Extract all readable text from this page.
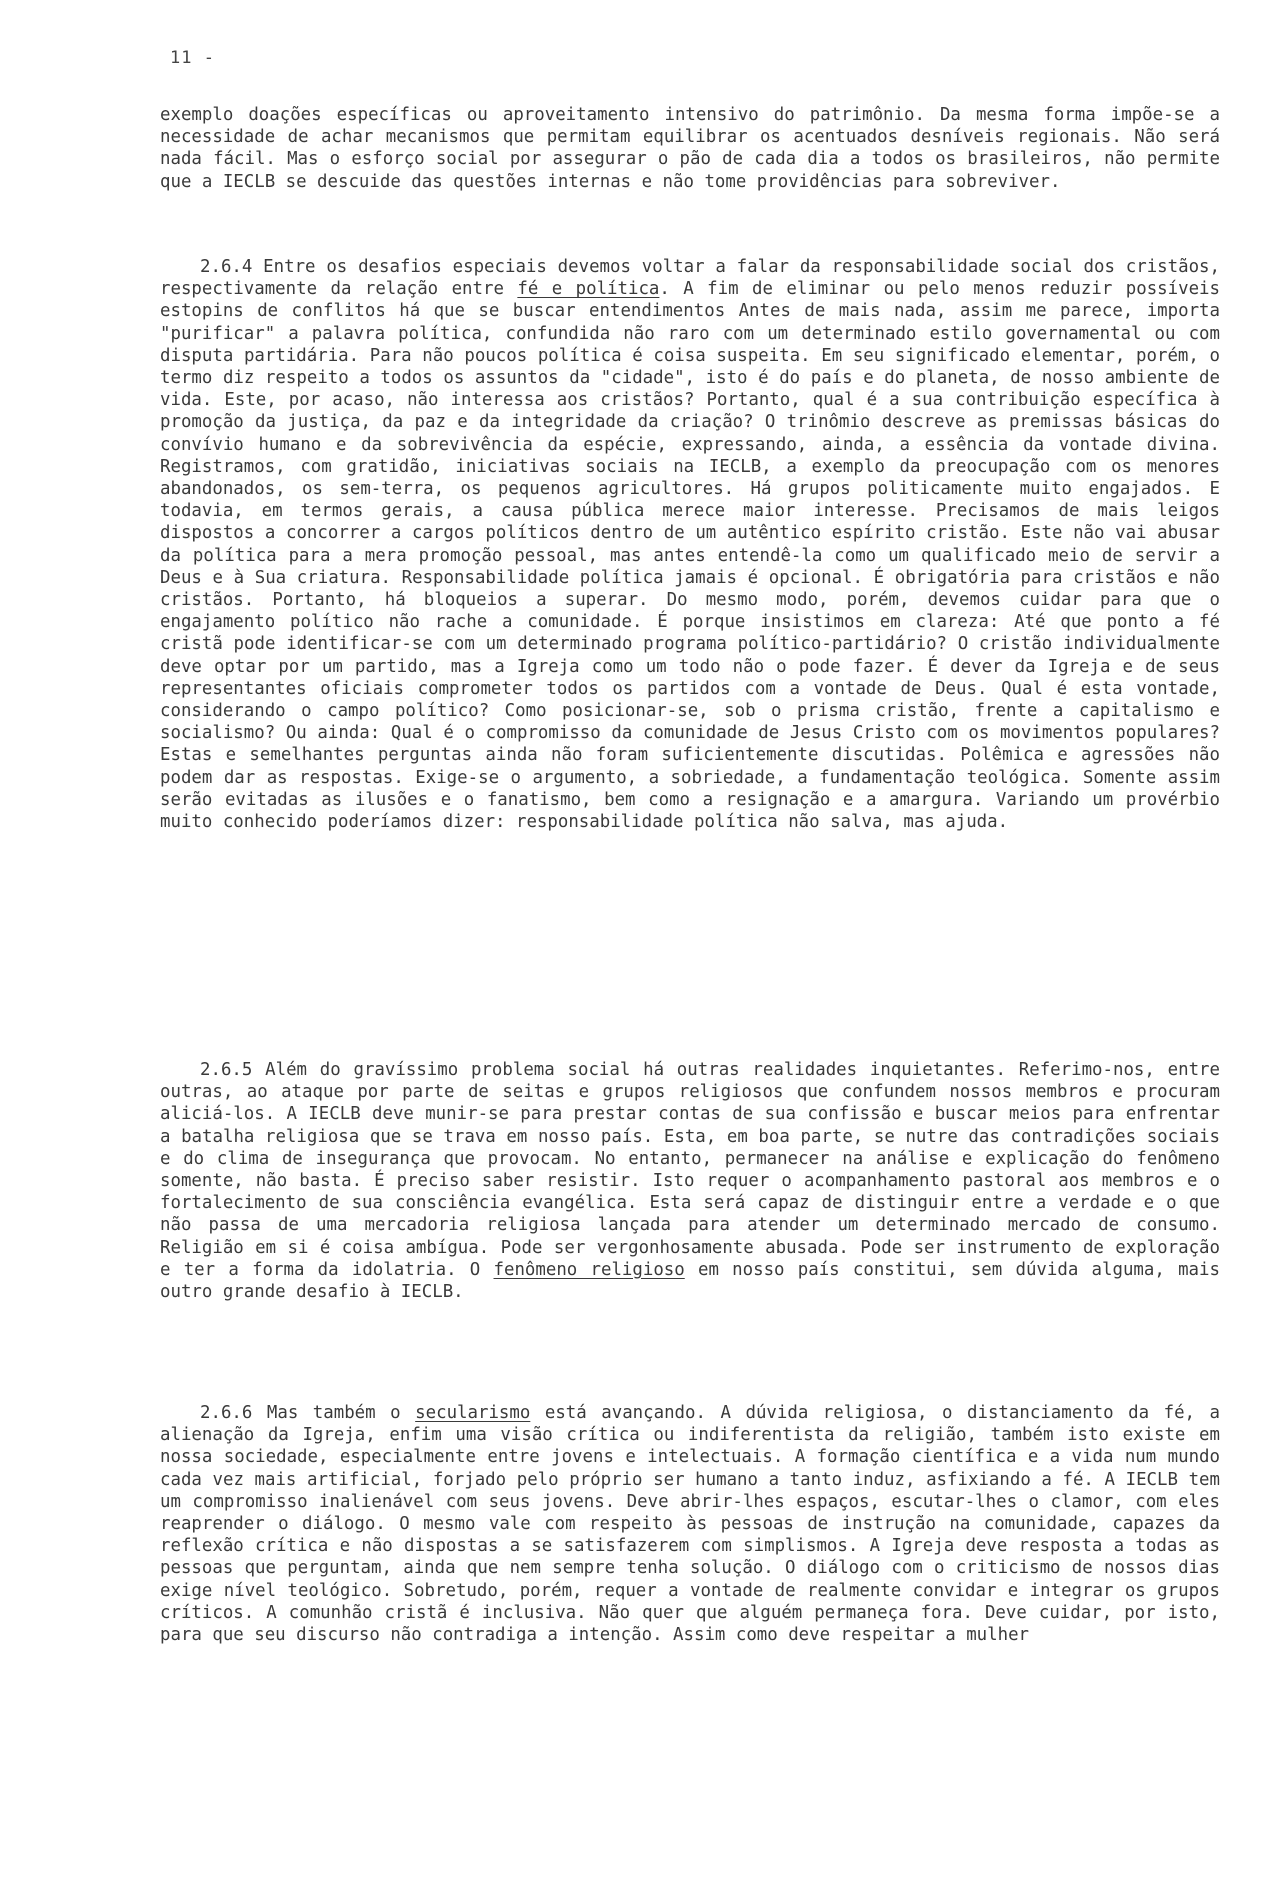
11 -

exemplo doações específicas ou aproveitamento intensivo do patrimônio. Da mesma forma impõe-se a necessidade de achar mecanismos que permitam equilibrar os acentuados desníveis regionais. Não será nada fácil. Mas o esforço social por assegurar o pão de cada dia a todos os brasileiros, não permite que a IECLB se descuide das questões internas e não tome providências para sobreviver.

2.6.4 Entre os desafios especiais devemos voltar a falar da responsabilidade social dos cristãos, respectivamente da relação entre fé e política. A fim de eliminar ou pelo menos reduzir possíveis estopins de conflitos há que se buscar entendimentos Antes de mais nada, assim me parece, importa "purificar" a palavra política, confundida não raro com um determinado estilo governamental ou com disputa partidária. Para não poucos política é coisa suspeita. Em seu significado elementar, porém, o termo diz respeito a todos os assuntos da "cidade", isto é do país e do planeta, de nosso ambiente de vida. Este, por acaso, não interessa aos cristãos? Portanto, qual é a sua contribuição específica à promoção da justiça, da paz e da integridade da criação? O trinômio descreve as premissas básicas do convívio humano e da sobrevivência da espécie, expressando, ainda, a essência da vontade divina. Registramos, com gratidão, iniciativas sociais na IECLB, a exemplo da preocupação com os menores abandonados, os sem-terra, os pequenos agricultores. Há grupos politicamente muito engajados. E todavia, em termos gerais, a causa pública merece maior interesse. Precisamos de mais leigos dispostos a concorrer a cargos políticos dentro de um autêntico espírito cristão. Este não vai abusar da política para a mera promoção pessoal, mas antes entendê-la como um qualificado meio de servir a Deus e à Sua criatura. Responsabilidade política jamais é opcional. É obrigatória para cristãos e não cristãos. Portanto, há bloqueios a superar. Do mesmo modo, porém, devemos cuidar para que o engajamento político não rache a comunidade. É porque insistimos em clareza: Até que ponto a fé cristã pode identificar-se com um determinado programa político-partidário? O cristão individualmente deve optar por um partido, mas a Igreja como um todo não o pode fazer. É dever da Igreja e de seus representantes oficiais comprometer todos os partidos com a vontade de Deus. Qual é esta vontade, considerando o campo político? Como posicionar-se, sob o prisma cristão, frente a capitalismo e socialismo? Ou ainda: Qual é o compromisso da comunidade de Jesus Cristo com os movimentos populares? Estas e semelhantes perguntas ainda não foram suficientemente discutidas. Polêmica e agressões não podem dar as respostas. Exige-se o argumento, a sobriedade, a fundamentação teológica. Somente assim serão evitadas as ilusões e o fanatismo, bem como a resignação e a amargura. Variando um provérbio muito conhecido poderíamos dizer: responsabilidade política não salva, mas ajuda.

2.6.5 Além do gravíssimo problema social há outras realidades inquietantes. Referimo-nos, entre outras, ao ataque por parte de seitas e grupos religiosos que confundem nossos membros e procuram aliciá-los. A IECLB deve munir-se para prestar contas de sua confissão e buscar meios para enfrentar a batalha religiosa que se trava em nosso país. Esta, em boa parte, se nutre das contradições sociais e do clima de insegurança que provocam. No entanto, permanecer na análise e explicação do fenômeno somente, não basta. É preciso saber resistir. Isto requer o acompanhamento pastoral aos membros e o fortalecimento de sua consciência evangélica. Esta será capaz de distinguir entre a verdade e o que não passa de uma mercadoria religiosa lançada para atender um determinado mercado de consumo. Religião em si é coisa ambígua. Pode ser vergonhosamente abusada. Pode ser instrumento de exploração e ter a forma da idolatria. O fenômeno religioso em nosso país constitui, sem dúvida alguma, mais outro grande desafio à IECLB.

2.6.6 Mas também o secularismo está avançando. A dúvida religiosa, o distanciamento da fé, a alienação da Igreja, enfim uma visão crítica ou indiferentista da religião, também isto existe em nossa sociedade, especialmente entre jovens e intelectuais. A formação científica e a vida num mundo cada vez mais artificial, forjado pelo próprio ser humano a tanto induz, asfixiando a fé. A IECLB tem um compromisso inalienável com seus jovens. Deve abrir-lhes espaços, escutar-lhes o clamor, com eles reaprender o diálogo. O mesmo vale com respeito às pessoas de instrução na comunidade, capazes da reflexão crítica e não dispostas a se satisfazerem com simplismos. A Igreja deve resposta a todas as pessoas que perguntam, ainda que nem sempre tenha solução. O diálogo com o criticismo de nossos dias exige nível teológico. Sobretudo, porém, requer a vontade de realmente convidar e integrar os grupos críticos. A comunhão cristã é inclusiva. Não quer que alguém permaneça fora. Deve cuidar, por isto, para que seu discurso não contradiga a intenção. Assim como deve respeitar a mulher
